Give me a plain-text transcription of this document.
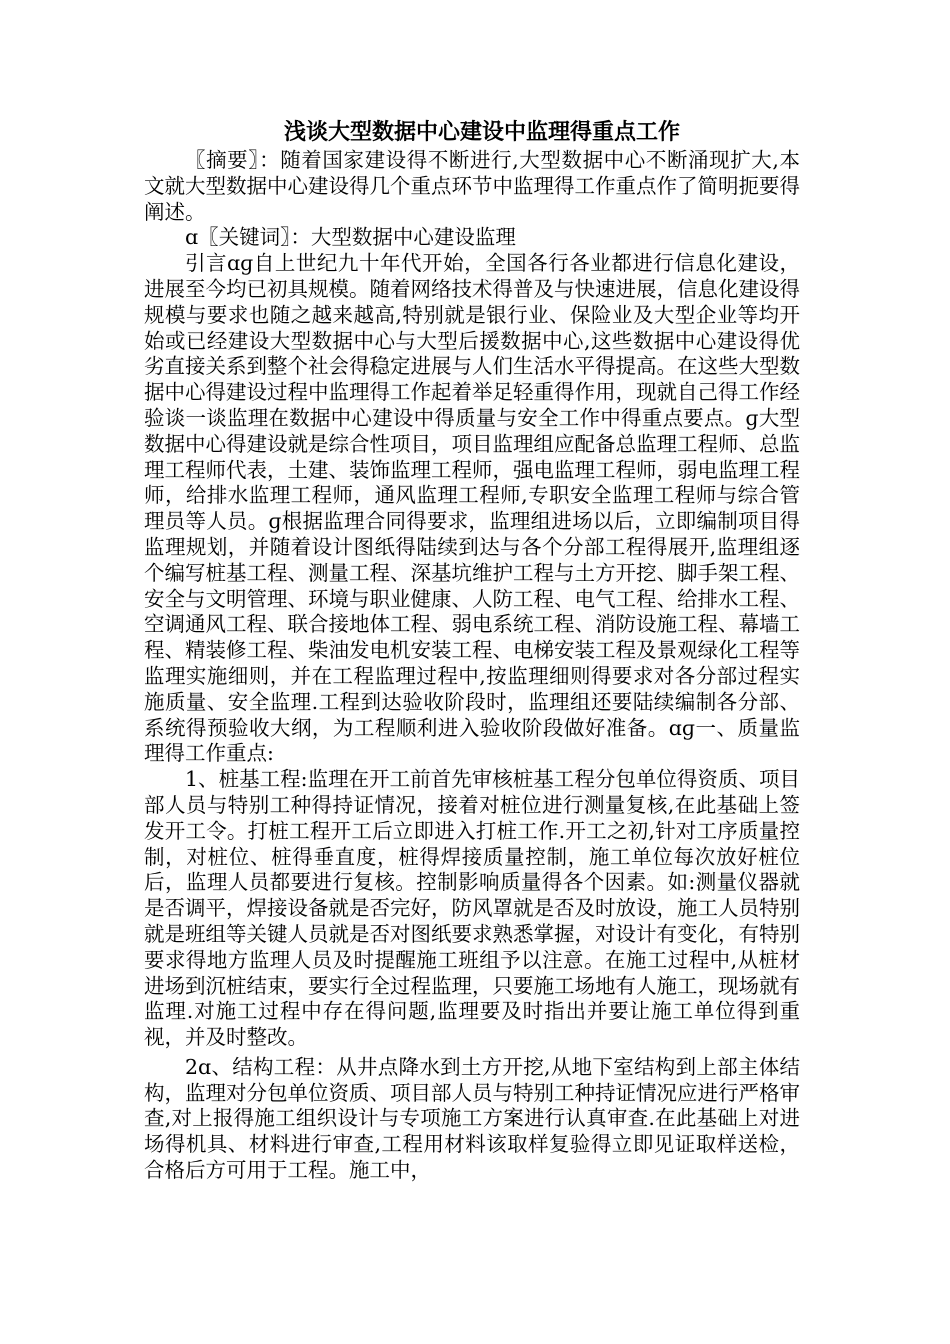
浅谈大型数据中心建设中监理得重点工作

〖摘要〗：随着国家建设得不断进行,大型数据中心不断涌现扩大,本文就大型数据中心建设得几个重点环节中监理得工作重点作了简明扼要得阐述。

ɑ〖关键词〗：大型数据中心建设监理

引言ɑɡ自上世纪九十年代开始，全国各行各业都进行信息化建设，进展至今均已初具规模。随着网络技术得普及与快速进展，信息化建设得规模与要求也随之越来越高,特别就是银行业、保险业及大型企业等均开始或已经建设大型数据中心与大型后援数据中心,这些数据中心建设得优劣直接关系到整个社会得稳定进展与人们生活水平得提高。在这些大型数据中心得建设过程中监理得工作起着举足轻重得作用，现就自己得工作经验谈一谈监理在数据中心建设中得质量与安全工作中得重点要点。ɡ大型数据中心得建设就是综合性项目，项目监理组应配备总监理工程师、总监理工程师代表，土建、装饰监理工程师，强电监理工程师，弱电监理工程师，给排水监理工程师，通风监理工程师,专职安全监理工程师与综合管理员等人员。ɡ根据监理合同得要求，监理组进场以后，立即编制项目得监理规划，并随着设计图纸得陆续到达与各个分部工程得展开,监理组逐个编写桩基工程、测量工程、深基坑维护工程与土方开挖、脚手架工程、安全与文明管理、环境与职业健康、人防工程、电气工程、给排水工程、空调通风工程、联合接地体工程、弱电系统工程、消防设施工程、幕墙工程、精装修工程、柴油发电机安装工程、电梯安装工程及景观绿化工程等监理实施细则，并在工程监理过程中,按监理细则得要求对各分部过程实施质量、安全监理.工程到达验收阶段时，监理组还要陆续编制各分部、系统得预验收大纲，为工程顺利进入验收阶段做好准备。ɑɡ一、质量监理得工作重点:

1、桩基工程:监理在开工前首先审核桩基工程分包单位得资质、项目部人员与特别工种得持证情况，接着对桩位进行测量复核,在此基础上签发开工令。打桩工程开工后立即进入打桩工作.开工之初,针对工序质量控制，对桩位、桩得垂直度，桩得焊接质量控制，施工单位每次放好桩位后，监理人员都要进行复核。控制影响质量得各个因素。如:测量仪器就是否调平，焊接设备就是否完好，防风罩就是否及时放设，施工人员特别就是班组等关键人员就是否对图纸要求熟悉掌握，对设计有变化，有特别要求得地方监理人员及时提醒施工班组予以注意。在施工过程中,从桩材进场到沉桩结束，要实行全过程监理，只要施工场地有人施工，现场就有监理.对施工过程中存在得问题,监理要及时指出并要让施工单位得到重视，并及时整改。

2ɑ、结构工程：从井点降水到土方开挖,从地下室结构到上部主体结构，监理对分包单位资质、项目部人员与特别工种持证情况应进行严格审查,对上报得施工组织设计与专项施工方案进行认真审查.在此基础上对进场得机具、材料进行审查,工程用材料该取样复验得立即见证取样送检，合格后方可用于工程。施工中，
